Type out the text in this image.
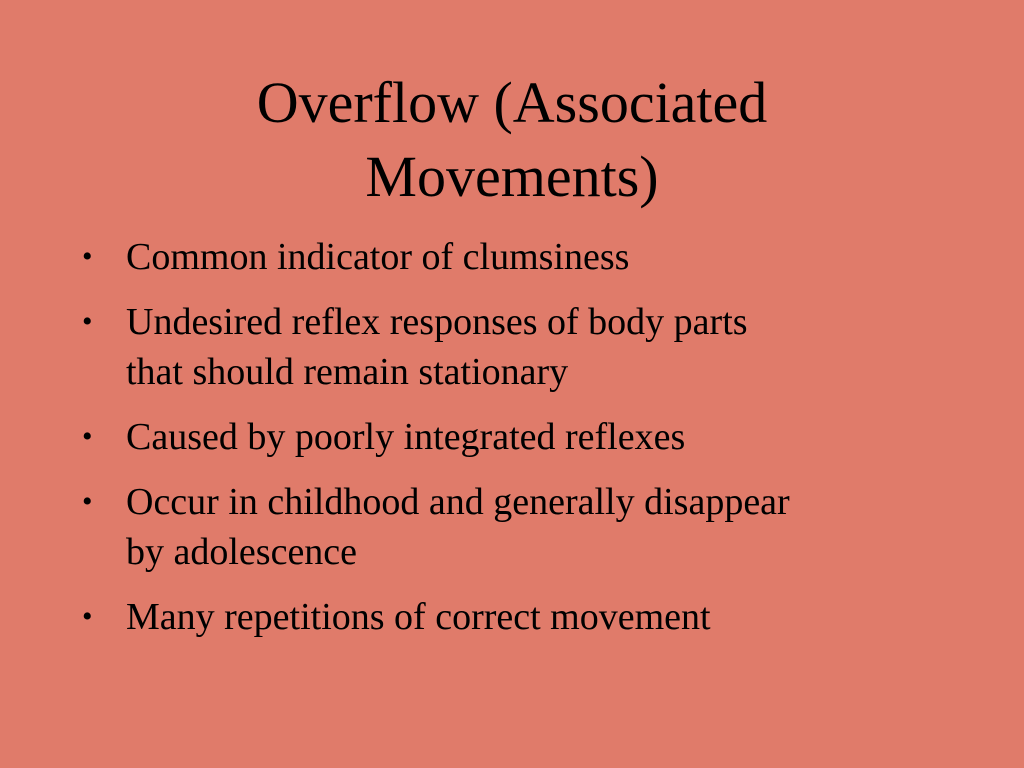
Overflow (Associated
Movements)
• Common indicator of clumsiness
• Undesired reflex responses of body parts
that should remain stationary
• Caused by poorly integrated reflexes
• Occur in childhood and generally disappear
by adolescence
• Many repetitions of correct movement
